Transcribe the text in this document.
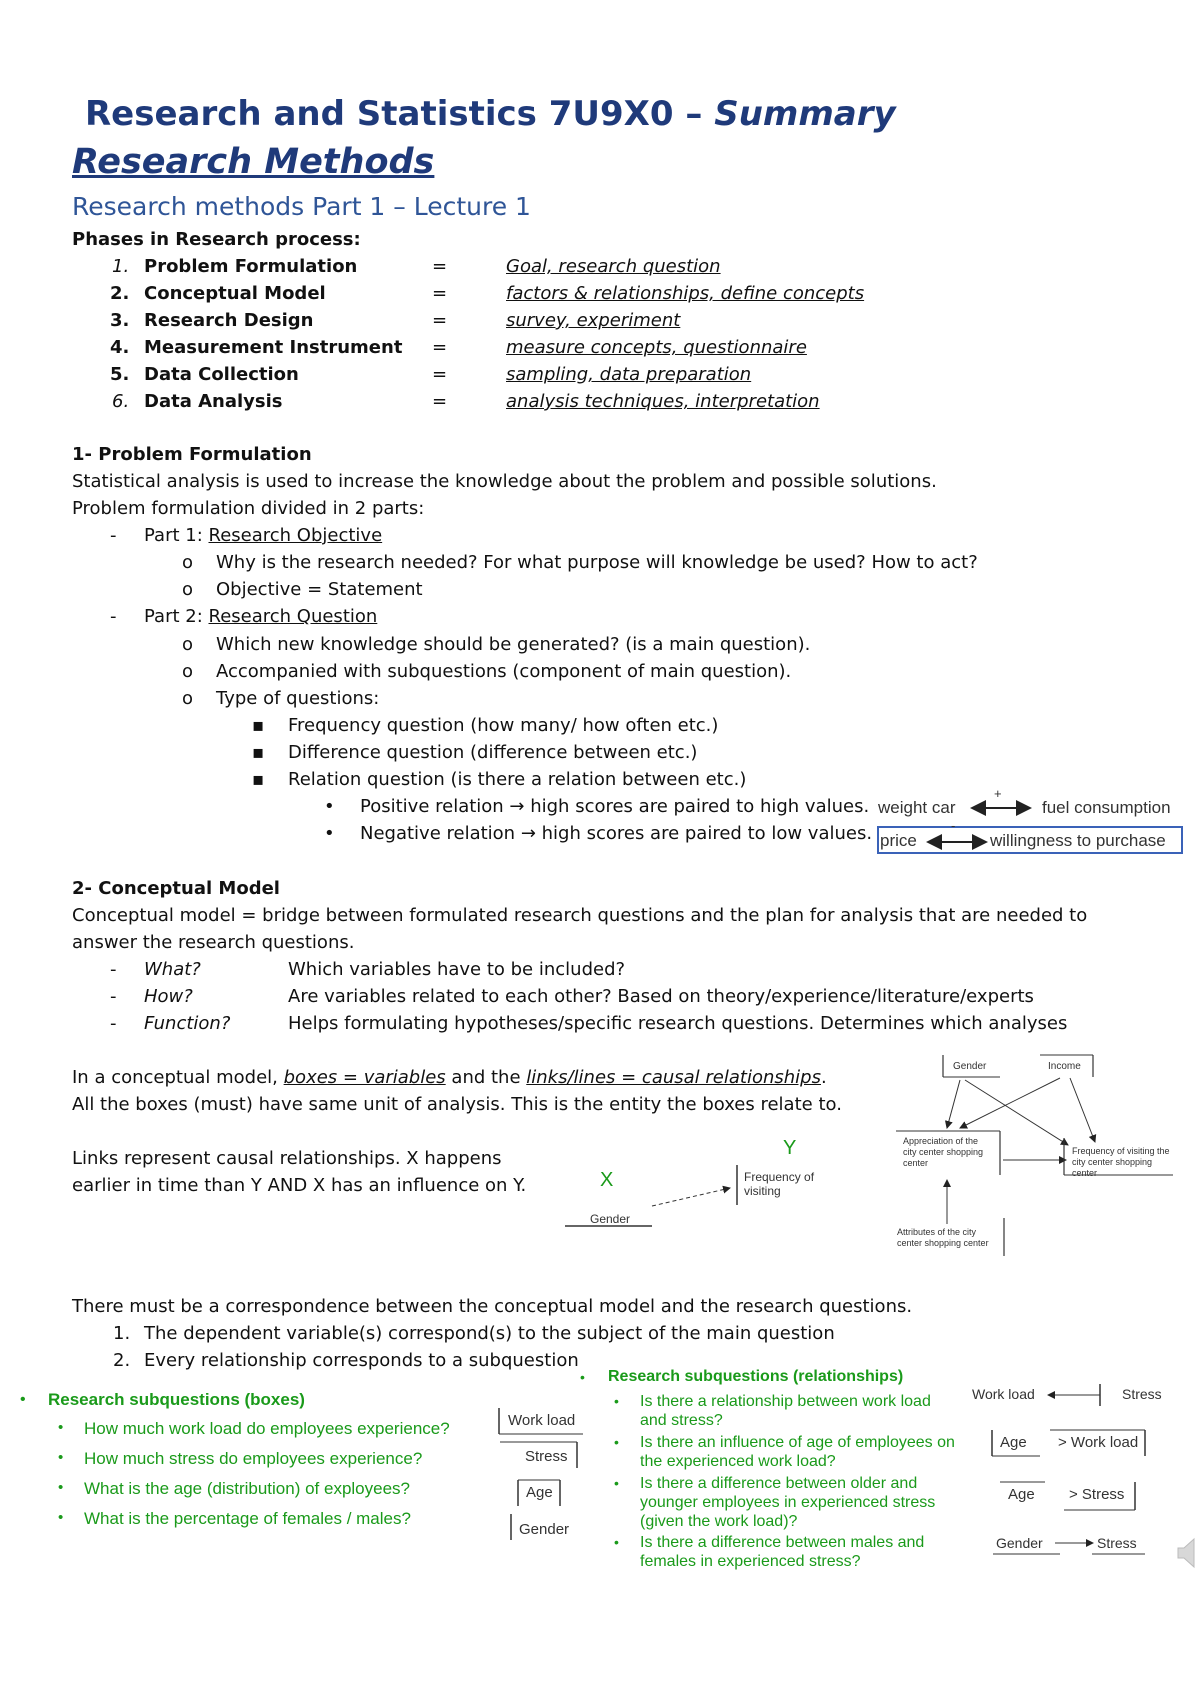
Research and Statistics 7U9X0 – Summary
Research Methods
Research methods Part 1 – Lecture 1
Phases in Research process:
1. Problem Formulation	=	Goal, research question
2. Conceptual Model	=	factors & relationships, define concepts
3. Research Design	=	survey, experiment
4. Measurement Instrument =	measure concepts, questionnaire
5. Data Collection	=	sampling, data preparation
6. Data Analysis	=	analysis techniques, interpretation
1- Problem Formulation
Statistical analysis is used to increase the knowledge about the problem and possible solutions.
Problem formulation divided in 2 parts:
- Part 1: Research Objective
o Why is the research needed? For what purpose will knowledge be used? How to act?
o Objective = Statement
- Part 2: Research Question
o Which new knowledge should be generated? (is a main question).
o Accompanied with subquestions (component of main question).
o Type of questions:
▪ Frequency question (how many/ how often etc.)
▪ Difference question (difference between etc.)
▪ Relation question (is there a relation between etc.)
• Positive relation → high scores are paired to high values.
• Negative relation → high scores are paired to low values.
weight car
+
fuel consumption
price
-
willingness to purchase
2- Conceptual Model
Conceptual model = bridge between formulated research questions and the plan for analysis that are needed to
answer the research questions.
- What?	Which variables have to be included?
- How?	Are variables related to each other? Based on theory/experience/literature/experts
- Function?	Helps formulating hypotheses/specific research questions. Determines which analyses
In a conceptual model, boxes = variables and the links/lines = causal relationships.
All the boxes (must) have same unit of analysis. This is the entity the boxes relate to.
Links represent causal relationships. X happens
earlier in time than Y AND X has an influence on Y.	X
Y
Gender
Frequency of
visiting
Gender	Income
Appreciation of the
city center shopping
center
Frequency of visiting the
city center shopping
center
Attributes of the city
center shopping center
There must be a correspondence between the conceptual model and the research questions.
1. The dependent variable(s) correspond(s) to the subject of the main question
2. Every relationship corresponds to a subquestion
• Research subquestions (boxes)
• How much work load do employees experience?
• How much stress do employees experience?
• What is the age (distribution) of exployees?
• What is the percentage of females / males?
Work load
Stress
Age
Gender
• Research subquestions (relationships)
• Is there a relationship between work load
and stress?
• Is there an influence of age of employees on
the experienced work load?
• Is there a difference between older and
younger employees in experienced stress
(given the work load)?
• Is there a difference between males and
females in experienced stress?
Work load	Stress
Age > Work load
Age > Stress
Gender	Stress
